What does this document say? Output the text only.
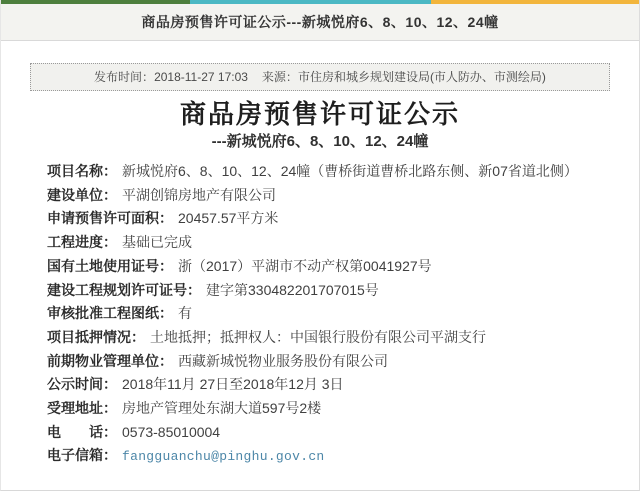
商品房预售许可证公示---新城悦府6、8、10、12、24幢
发布时间：2018-11-27 17:03 来源：市住房和城乡规划建设局(市人防办、市测绘局)
商品房预售许可证公示
---新城悦府6、8、10、12、24幢
项目名称： 新城悦府6、8、10、12、24幢（曹桥街道曹桥北路东侧、新07省道北侧）
建设单位： 平湖创锦房地产有限公司
申请预售许可面积： 20457.57平方米
工程进度： 基础已完成
国有土地使用证号： 浙（2017）平湖市不动产权第0041927号
建设工程规划许可证号： 建字第330482201707015号
审核批准工程图纸： 有
项目抵押情况： 土地抵押；抵押权人：中国银行股份有限公司平湖支行
前期物业管理单位： 西藏新城悦物业服务股份有限公司
公示时间： 2018年11月 27日至2018年12月 3日
受理地址： 房地产管理处东湖大道597号2楼
电　　话： 0573-85010004
电子信箱： fangguanchu@pinghu.gov.cn
